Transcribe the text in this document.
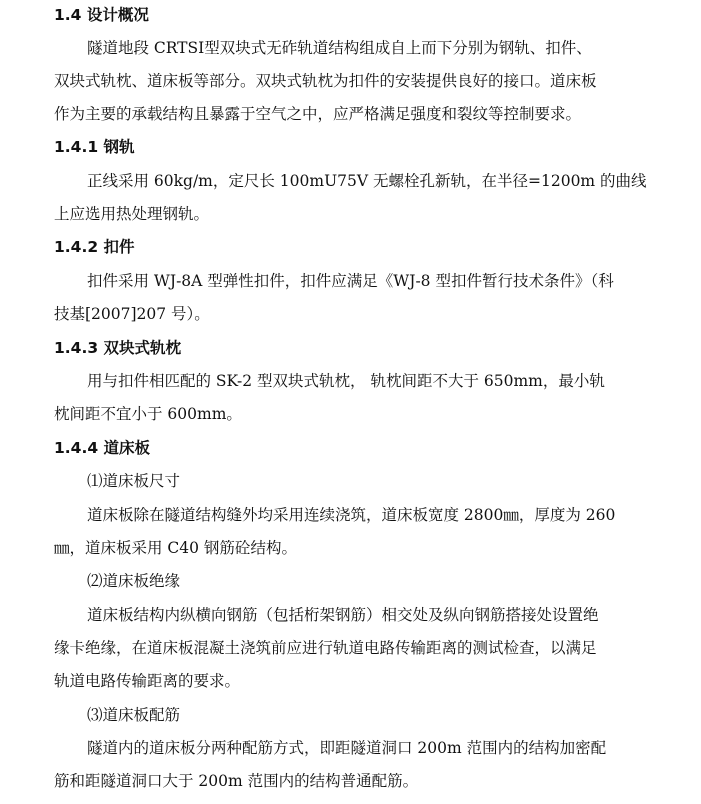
1.4 设计概况
隧道地段 CRTSⅠ型双块式无砟轨道结构组成自上而下分别为钢轨、扣件、
双块式轨枕、道床板等部分。双块式轨枕为扣件的安装提供良好的接口。道床板
作为主要的承载结构且暴露于空气之中，应严格满足强度和裂纹等控制要求。
1.4.1 钢轨
正线采用 60kg/m，定尺长 100mU75V 无螺栓孔新轨，在半径=1200m 的曲线
上应选用热处理钢轨。
1.4.2 扣件
扣件采用 WJ-8A 型弹性扣件，扣件应满足《WJ-8 型扣件暂行技术条件》（科
技基[2007]207 号）。
1.4.3 双块式轨枕
用与扣件相匹配的 SK-2 型双块式轨枕， 轨枕间距不大于 650mm，最小轨
枕间距不宜小于 600mm。
1.4.4 道床板
⑴道床板尺寸
道床板除在隧道结构缝外均采用连续浇筑，道床板宽度 2800㎜，厚度为 260
㎜，道床板采用 C40 钢筋砼结构。
⑵道床板绝缘
道床板结构内纵横向钢筋（包括桁架钢筋）相交处及纵向钢筋搭接处设置绝
缘卡绝缘，在道床板混凝土浇筑前应进行轨道电路传输距离的测试检查，以满足
轨道电路传输距离的要求。
⑶道床板配筋
隧道内的道床板分两种配筋方式，即距隧道洞口 200m 范围内的结构加密配
筋和距隧道洞口大于 200m 范围内的结构普通配筋。
